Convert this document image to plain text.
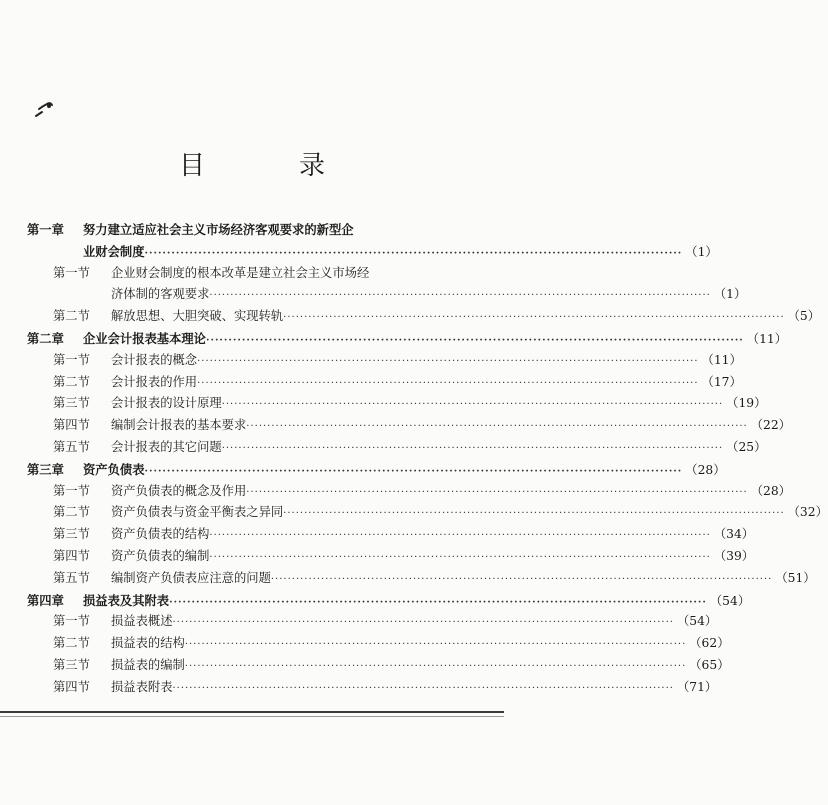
目　录
第一章 努力建立适应社会主义市场经济客观要求的新型企
业财会制度 ························································································································ （1）
第一节 企业财会制度的根本改革是建立社会主义市场经
济体制的客观要求 ························································································································ （1）
第二节 解放思想、大胆突破、实现转轨 ························································································································ （5）
第二章 企业会计报表基本理论 ························································································································ （11）
第一节 会计报表的概念 ························································································································ （11）
第二节 会计报表的作用 ························································································································ （17）
第三节 会计报表的设计原理 ························································································································ （19）
第四节 编制会计报表的基本要求 ························································································································ （22）
第五节 会计报表的其它问题 ························································································································ （25）
第三章 资产负债表 ························································································································ （28）
第一节 资产负债表的概念及作用 ························································································································ （28）
第二节 资产负债表与资金平衡表之异同 ························································································································ （32）
第三节 资产负债表的结构 ························································································································ （34）
第四节 资产负债表的编制 ························································································································ （39）
第五节 编制资产负债表应注意的问题 ························································································································ （51）
第四章 损益表及其附表 ························································································································ （54）
第一节 损益表概述 ························································································································ （54）
第二节 损益表的结构 ························································································································ （62）
第三节 损益表的编制 ························································································································ （65）
第四节 损益表附表 ························································································································ （71）
